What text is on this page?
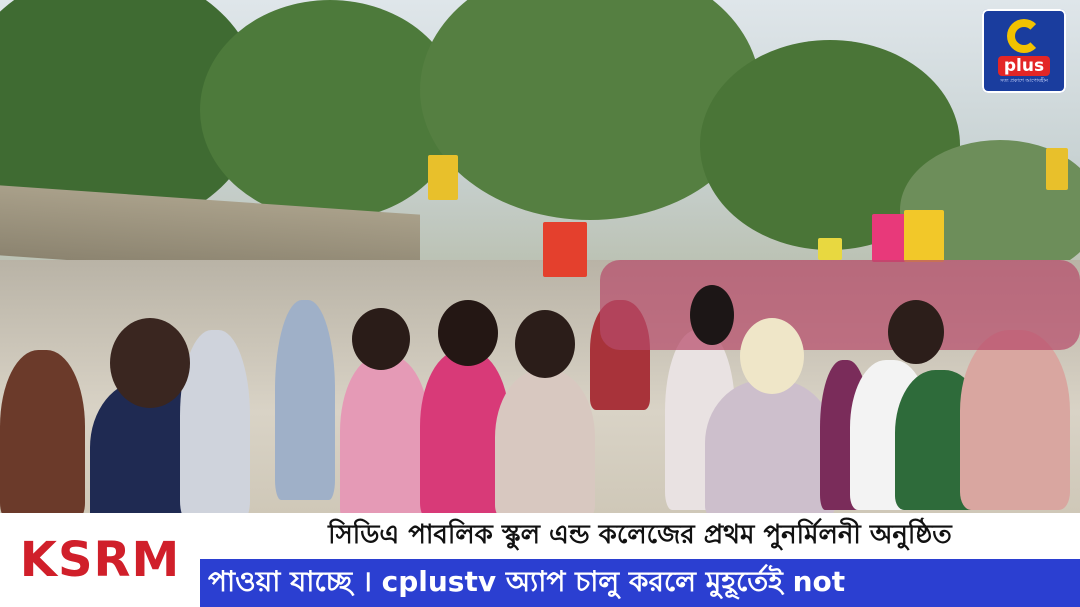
plus
সত্য প্রকাশে আপোষহীন
KSRM	সিডিএ পাবলিক স্কুল এন্ড কলেজের প্রথম পুনর্মিলনী অনুষ্ঠিত
পাওয়া যাচ্ছে । cplustv অ্যাপ চালু করলে মুহূর্তেই not
